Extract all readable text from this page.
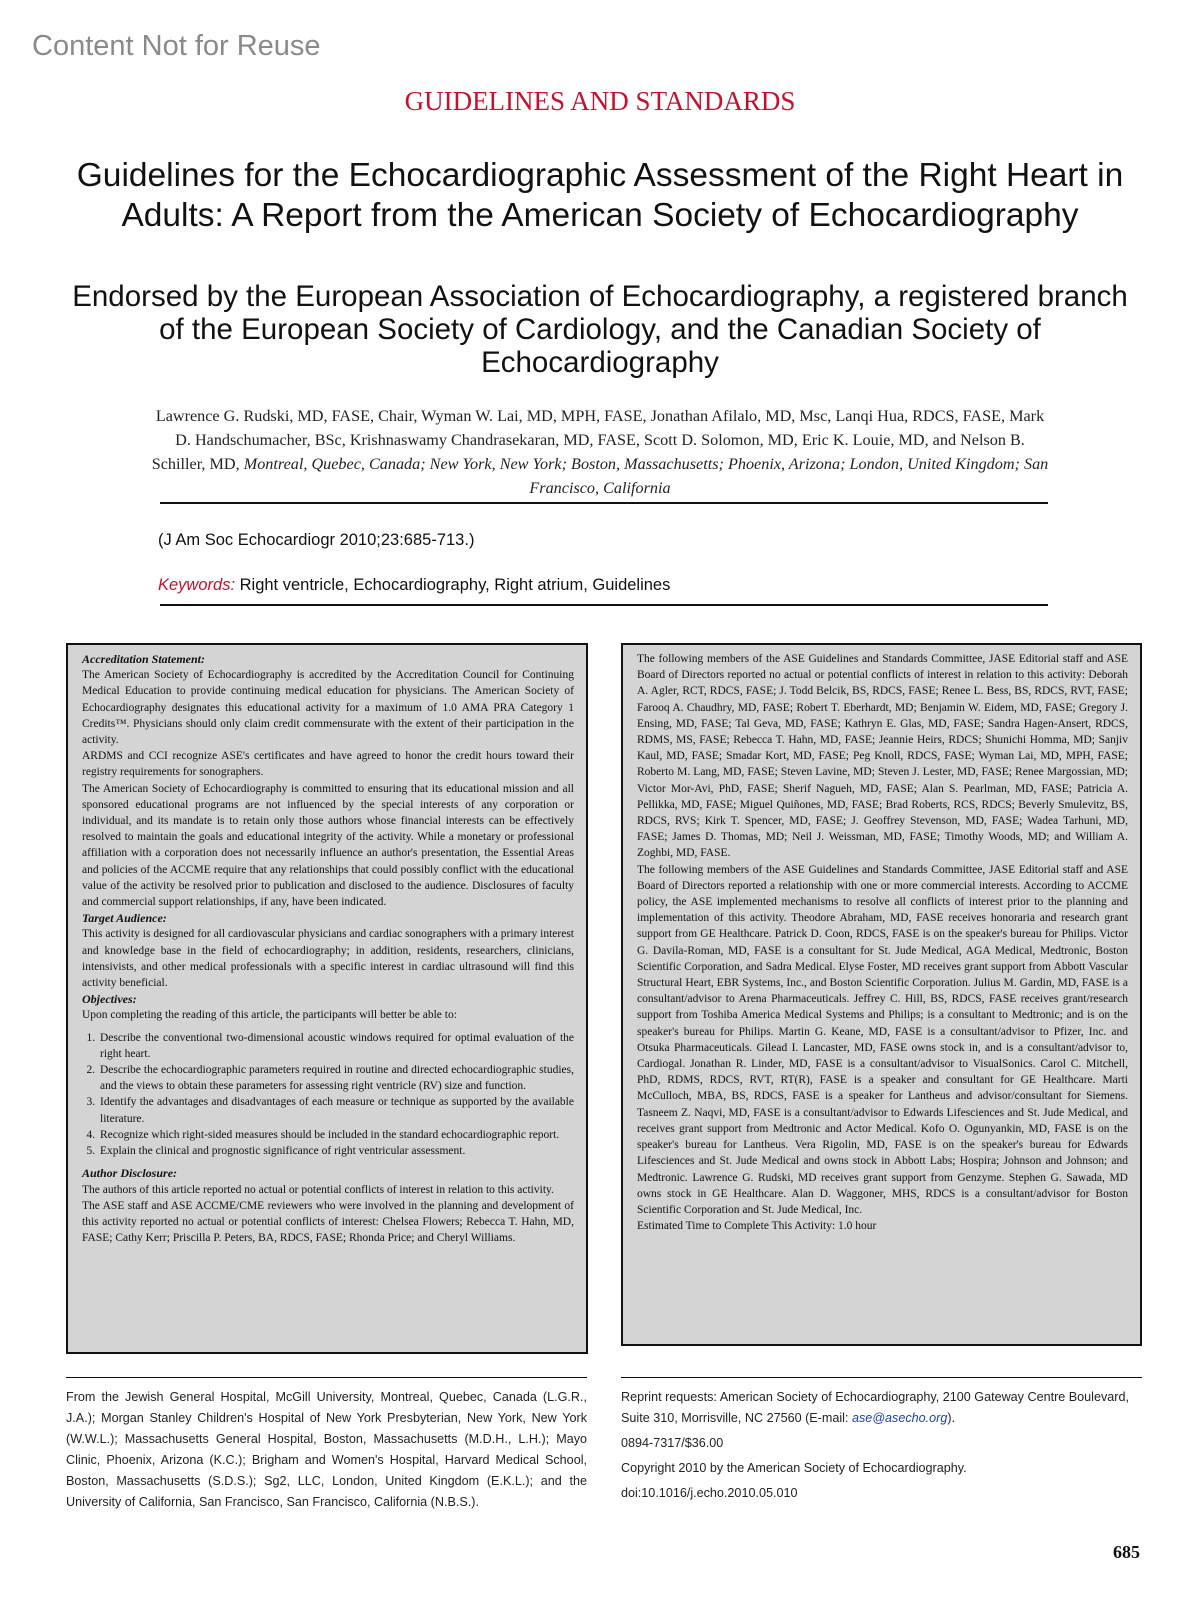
Content Not for Reuse
GUIDELINES AND STANDARDS
Guidelines for the Echocardiographic Assessment of the Right Heart in Adults: A Report from the American Society of Echocardiography
Endorsed by the European Association of Echocardiography, a registered branch of the European Society of Cardiology, and the Canadian Society of Echocardiography
Lawrence G. Rudski, MD, FASE, Chair, Wyman W. Lai, MD, MPH, FASE, Jonathan Afilalo, MD, Msc, Lanqi Hua, RDCS, FASE, Mark D. Handschumacher, BSc, Krishnaswamy Chandrasekaran, MD, FASE, Scott D. Solomon, MD, Eric K. Louie, MD, and Nelson B. Schiller, MD, Montreal, Quebec, Canada; New York, New York; Boston, Massachusetts; Phoenix, Arizona; London, United Kingdom; San Francisco, California
(J Am Soc Echocardiogr 2010;23:685-713.)
Keywords: Right ventricle, Echocardiography, Right atrium, Guidelines
Accreditation Statement:

The American Society of Echocardiography is accredited by the Accreditation Council for Continuing Medical Education to provide continuing medical education for physicians. The American Society of Echocardiography designates this educational activity for a maximum of 1.0 AMA PRA Category 1 Credits™. Physicians should only claim credit commensurate with the extent of their participation in the activity.

ARDMS and CCI recognize ASE's certificates and have agreed to honor the credit hours toward their registry requirements for sonographers.

The American Society of Echocardiography is committed to ensuring that its educational mission and all sponsored educational programs are not influenced by the special interests of any corporation or individual, and its mandate is to retain only those authors whose financial interests can be effectively resolved to maintain the goals and educational integrity of the activity. While a monetary or professional affiliation with a corporation does not necessarily influence an author's presentation, the Essential Areas and policies of the ACCME require that any relationships that could possibly conflict with the educational value of the activity be resolved prior to publication and disclosed to the audience. Disclosures of faculty and commercial support relationships, if any, have been indicated.

Target Audience:

This activity is designed for all cardiovascular physicians and cardiac sonographers with a primary interest and knowledge base in the field of echocardiography; in addition, residents, researchers, clinicians, intensivists, and other medical professionals with a specific interest in cardiac ultrasound will find this activity beneficial.

Objectives:

Upon completing the reading of this article, the participants will better be able to:

1. Describe the conventional two-dimensional acoustic windows required for optimal evaluation of the right heart.
2. Describe the echocardiographic parameters required in routine and directed echocardiographic studies, and the views to obtain these parameters for assessing right ventricle (RV) size and function.
3. Identify the advantages and disadvantages of each measure or technique as supported by the available literature.
4. Recognize which right-sided measures should be included in the standard echocardiographic report.
5. Explain the clinical and prognostic significance of right ventricular assessment.
Author Disclosure:

The authors of this article reported no actual or potential conflicts of interest in relation to this activity.

The ASE staff and ASE ACCME/CME reviewers who were involved in the planning and development of this activity reported no actual or potential conflicts of interest: Chelsea Flowers; Rebecca T. Hahn, MD, FASE; Cathy Kerr; Priscilla P. Peters, BA, RDCS, FASE; Rhonda Price; and Cheryl Williams.

The following members of the ASE Guidelines and Standards Committee, JASE Editorial staff and ASE Board of Directors reported no actual or potential conflicts of interest in relation to this activity: Deborah A. Agler, RCT, RDCS, FASE; J. Todd Belcik, BS, RDCS, FASE; Renee L. Bess, BS, RDCS, RVT, FASE; Farooq A. Chaudhry, MD, FASE; Robert T. Eberhardt, MD; Benjamin W. Eidem, MD, FASE; Gregory J. Ensing, MD, FASE; Tal Geva, MD, FASE; Kathryn E. Glas, MD, FASE; Sandra Hagen-Ansert, RDCS, RDMS, MS, FASE; Rebecca T. Hahn, MD, FASE; Jeannie Heirs, RDCS; Shunichi Homma, MD; Sanjiv Kaul, MD, FASE; Smadar Kort, MD, FASE; Peg Knoll, RDCS, FASE; Wyman Lai, MD, MPH, FASE; Roberto M. Lang, MD, FASE; Steven Lavine, MD; Steven J. Lester, MD, FASE; Renee Margossian, MD; Victor Mor-Avi, PhD, FASE; Sherif Nagueh, MD, FASE; Alan S. Pearlman, MD, FASE; Patricia A. Pellikka, MD, FASE; Miguel Quiñones, MD, FASE; Brad Roberts, RCS, RDCS; Beverly Smulevitz, BS, RDCS, RVS; Kirk T. Spencer, MD, FASE; J. Geoffrey Stevenson, MD, FASE; Wadea Tarhuni, MD, FASE; James D. Thomas, MD; Neil J. Weissman, MD, FASE; Timothy Woods, MD; and William A. Zoghbi, MD, FASE.

The following members of the ASE Guidelines and Standards Committee, JASE Editorial staff and ASE Board of Directors reported a relationship with one or more commercial interests. According to ACCME policy, the ASE implemented mechanisms to resolve all conflicts of interest prior to the planning and implementation of this activity. Theodore Abraham, MD, FASE receives honoraria and research grant support from GE Healthcare. Patrick D. Coon, RDCS, FASE is on the speaker's bureau for Philips. Victor G. Davila-Roman, MD, FASE is a consultant for St. Jude Medical, AGA Medical, Medtronic, Boston Scientific Corporation, and Sadra Medical. Elyse Foster, MD receives grant support from Abbott Vascular Structural Heart, EBR Systems, Inc., and Boston Scientific Corporation. Julius M. Gardin, MD, FASE is a consultant/advisor to Arena Pharmaceuticals. Jeffrey C. Hill, BS, RDCS, FASE receives grant/research support from Toshiba America Medical Systems and Philips; is a consultant to Medtronic; and is on the speaker's bureau for Philips. Martin G. Keane, MD, FASE is a consultant/advisor to Pfizer, Inc. and Otsuka Pharmaceuticals. Gilead I. Lancaster, MD, FASE owns stock in, and is a consultant/advisor to, Cardiogal. Jonathan R. Linder, MD, FASE is a consultant/advisor to VisualSonics. Carol C. Mitchell, PhD, RDMS, RDCS, RVT, RT(R), FASE is a speaker and consultant for GE Healthcare. Marti McCulloch, MBA, BS, RDCS, FASE is a speaker for Lantheus and advisor/consultant for Siemens. Tasneem Z. Naqvi, MD, FASE is a consultant/advisor to Edwards Lifesciences and St. Jude Medical, and receives grant support from Medtronic and Actor Medical. Kofo O. Ogunyankin, MD, FASE is on the speaker's bureau for Lantheus. Vera Rigolin, MD, FASE is on the speaker's bureau for Edwards Lifesciences and St. Jude Medical and owns stock in Abbott Labs; Hospira; Johnson and Johnson; and Medtronic. Lawrence G. Rudski, MD receives grant support from Genzyme. Stephen G. Sawada, MD owns stock in GE Healthcare. Alan D. Waggoner, MHS, RDCS is a consultant/advisor for Boston Scientific Corporation and St. Jude Medical, Inc.

Estimated Time to Complete This Activity: 1.0 hour

From the Jewish General Hospital, McGill University, Montreal, Quebec, Canada (L.G.R., J.A.); Morgan Stanley Children's Hospital of New York Presbyterian, New York, New York (W.W.L.); Massachusetts General Hospital, Boston, Massachusetts (M.D.H., L.H.); Mayo Clinic, Phoenix, Arizona (K.C.); Brigham and Women's Hospital, Harvard Medical School, Boston, Massachusetts (S.D.S.); Sg2, LLC, London, United Kingdom (E.K.L.); and the University of California, San Francisco, San Francisco, California (N.B.S.).

Reprint requests: American Society of Echocardiography, 2100 Gateway Centre Boulevard, Suite 310, Morrisville, NC 27560 (E-mail: ase@asecho.org).

0894-7317/$36.00

Copyright 2010 by the American Society of Echocardiography.

doi:10.1016/j.echo.2010.05.010

685
